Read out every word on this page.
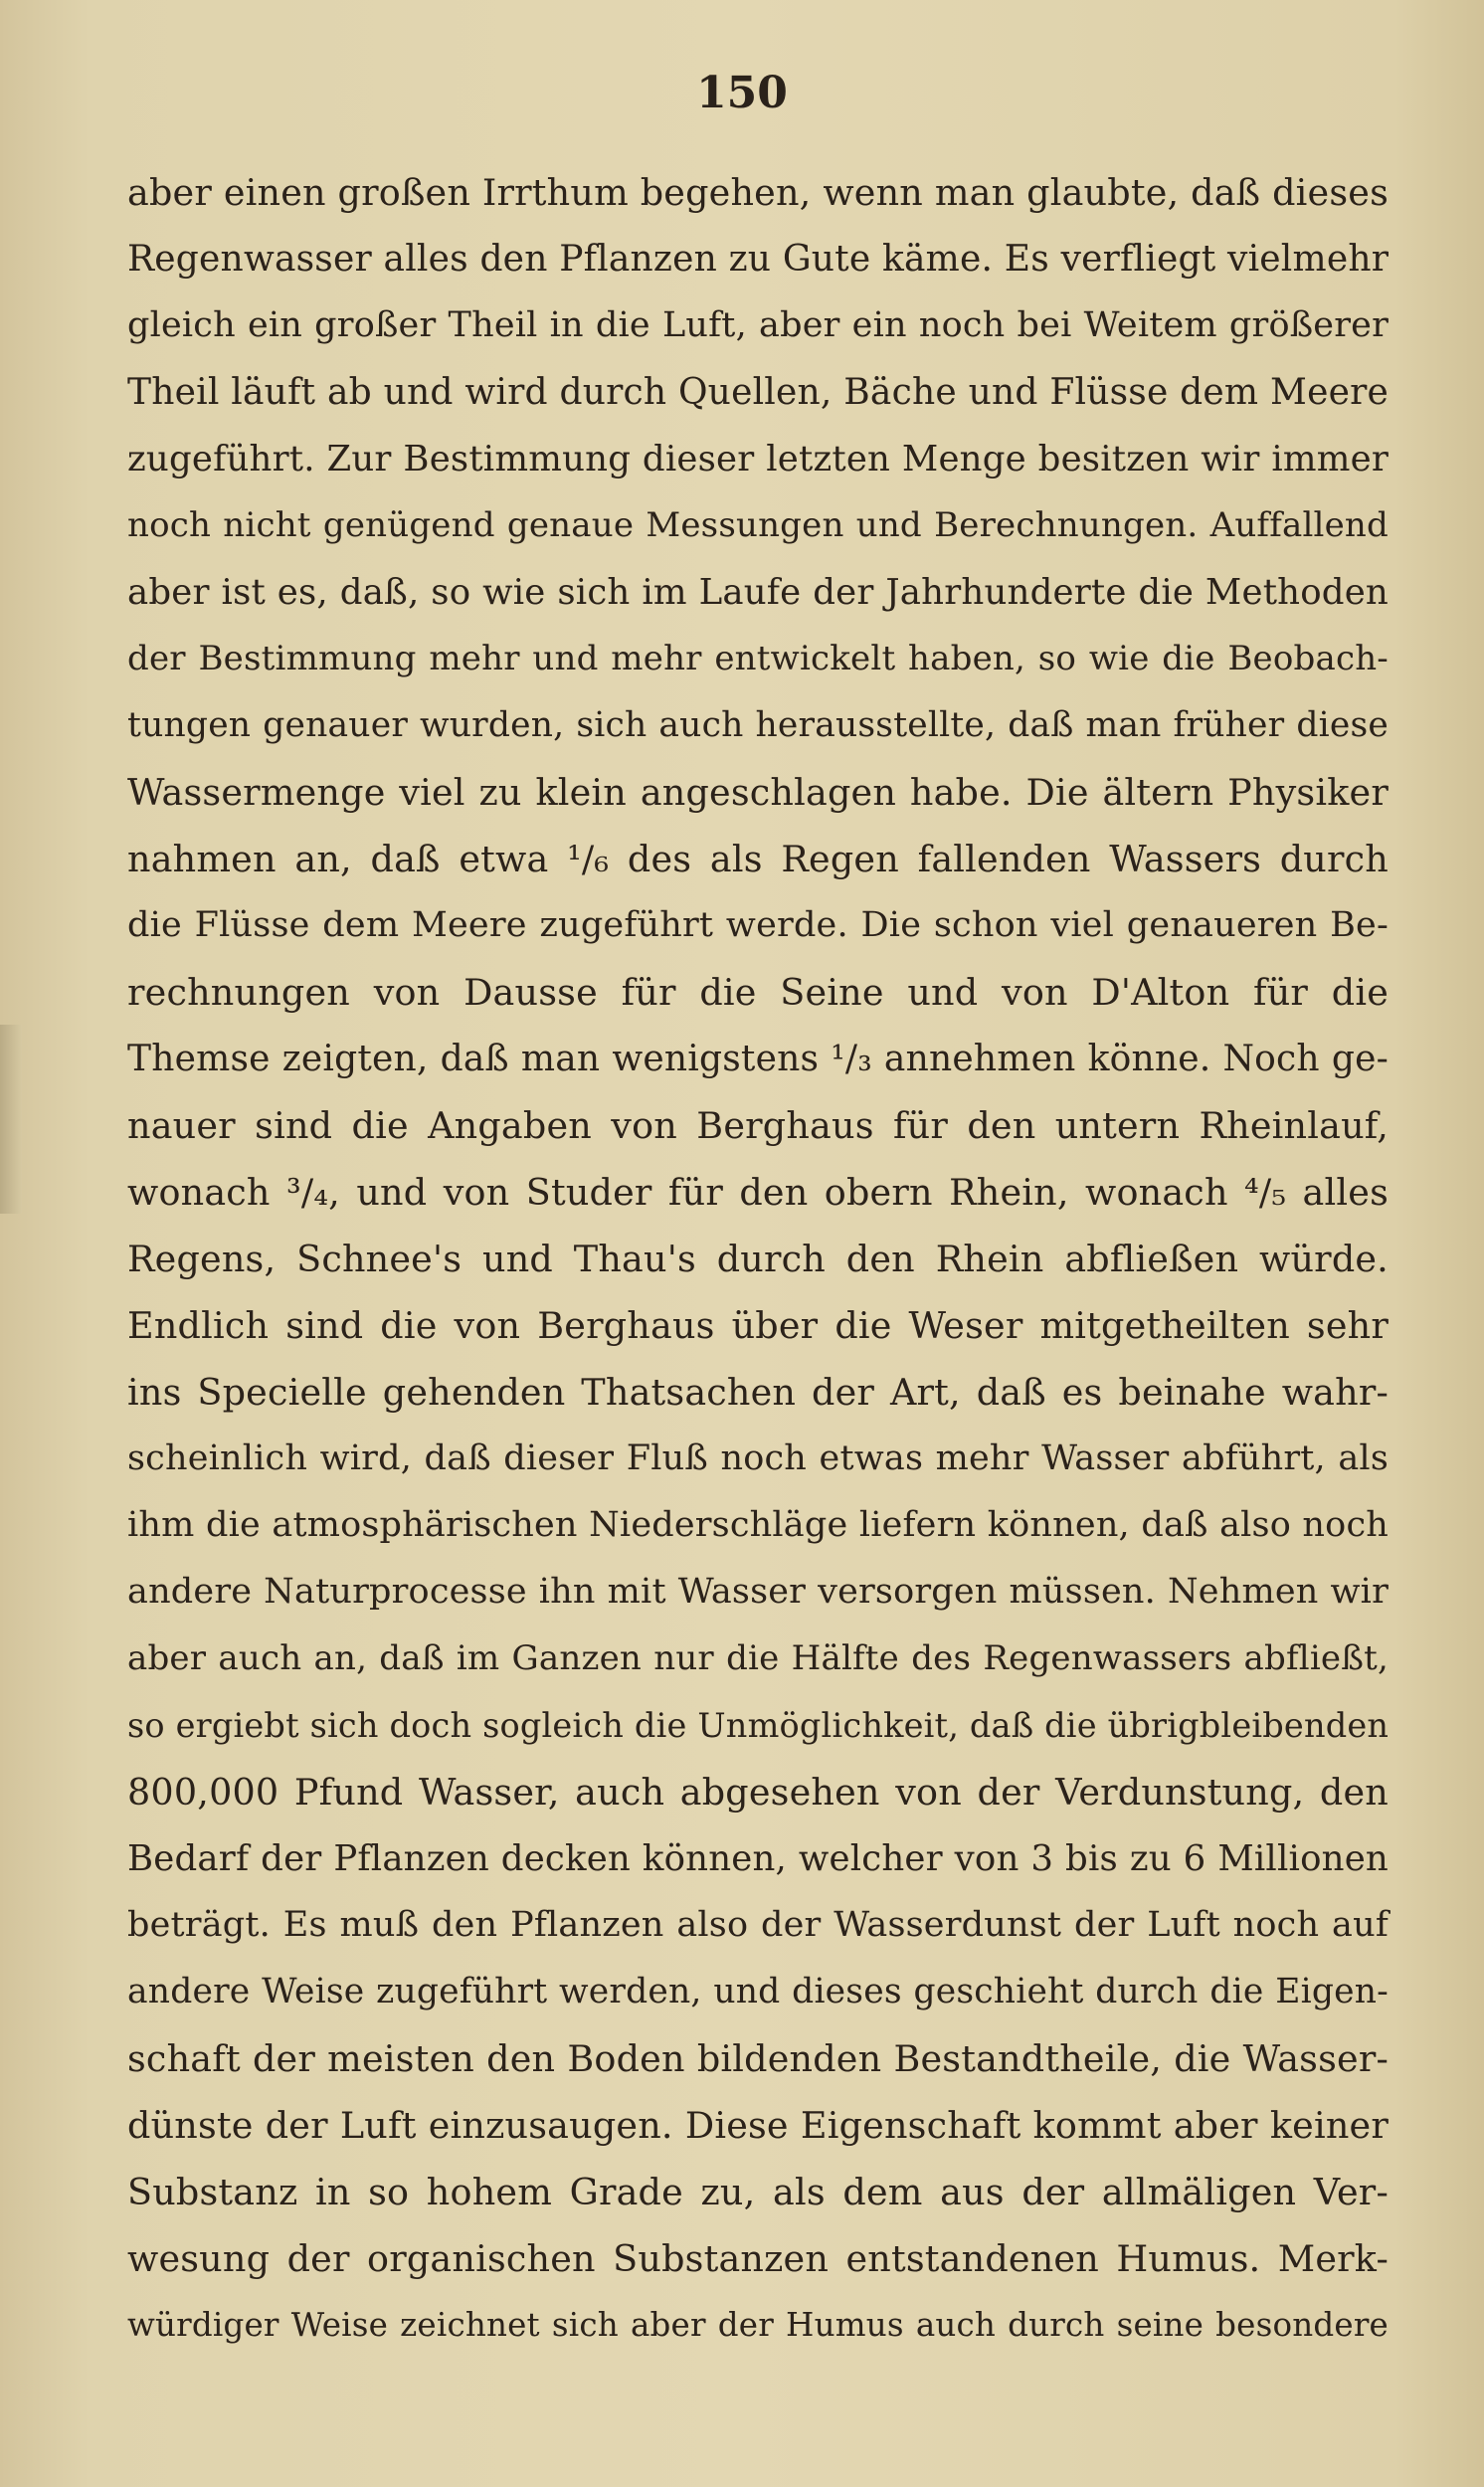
150
aber einen großen Irrthum begehen, wenn man glaubte, daß dieses
Regenwasser alles den Pflanzen zu Gute käme. Es verfliegt vielmehr
gleich ein großer Theil in die Luft, aber ein noch bei Weitem größerer
Theil läuft ab und wird durch Quellen, Bäche und Flüsse dem Meere
zugeführt. Zur Bestimmung dieser letzten Menge besitzen wir immer
noch nicht genügend genaue Messungen und Berechnungen. Auffallend
aber ist es, daß, so wie sich im Laufe der Jahrhunderte die Methoden
der Bestimmung mehr und mehr entwickelt haben, so wie die Beobach-
tungen genauer wurden, sich auch herausstellte, daß man früher diese
Wassermenge viel zu klein angeschlagen habe. Die ältern Physiker
nahmen an, daß etwa ¹/₆ des als Regen fallenden Wassers durch
die Flüsse dem Meere zugeführt werde. Die schon viel genaueren Be-
rechnungen von Dausse für die Seine und von D'Alton für die
Themse zeigten, daß man wenigstens ¹/₃ annehmen könne. Noch ge-
nauer sind die Angaben von Berghaus für den untern Rheinlauf,
wonach ³/₄, und von Studer für den obern Rhein, wonach ⁴/₅ alles
Regens, Schnee's und Thau's durch den Rhein abfließen würde.
Endlich sind die von Berghaus über die Weser mitgetheilten sehr
ins Specielle gehenden Thatsachen der Art, daß es beinahe wahr-
scheinlich wird, daß dieser Fluß noch etwas mehr Wasser abführt, als
ihm die atmosphärischen Niederschläge liefern können, daß also noch
andere Naturprocesse ihn mit Wasser versorgen müssen. Nehmen wir
aber auch an, daß im Ganzen nur die Hälfte des Regenwassers abfließt,
so ergiebt sich doch sogleich die Unmöglichkeit, daß die übrigbleibenden
800,000 Pfund Wasser, auch abgesehen von der Verdunstung, den
Bedarf der Pflanzen decken können, welcher von 3 bis zu 6 Millionen
beträgt. Es muß den Pflanzen also der Wasserdunst der Luft noch auf
andere Weise zugeführt werden, und dieses geschieht durch die Eigen-
schaft der meisten den Boden bildenden Bestandtheile, die Wasser-
dünste der Luft einzusaugen. Diese Eigenschaft kommt aber keiner
Substanz in so hohem Grade zu, als dem aus der allmäligen Ver-
wesung der organischen Substanzen entstandenen Humus. Merk-
würdiger Weise zeichnet sich aber der Humus auch durch seine besondere
